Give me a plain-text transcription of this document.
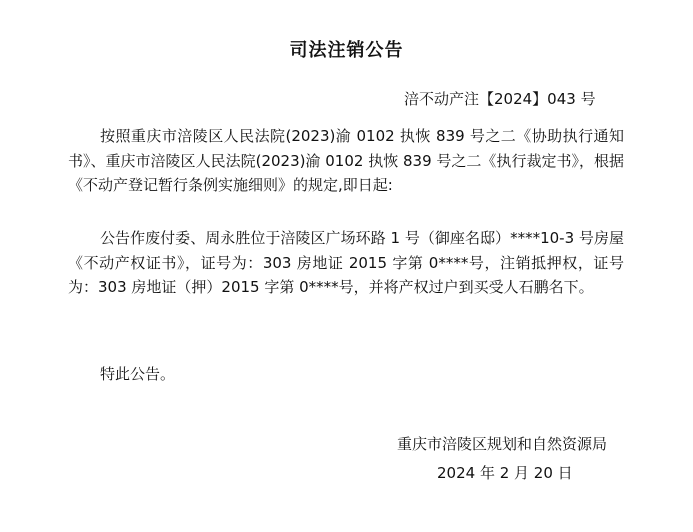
司法注销公告
涪不动产注【2024】043 号
按照重庆市涪陵区人民法院(2023)渝 0102 执恢 839 号之二《协助执行通知书》、重庆市涪陵区人民法院(2023)渝 0102 执恢 839 号之二《执行裁定书》，根据《不动产登记暂行条例实施细则》的规定,即日起:
公告作废付委、周永胜位于涪陵区广场环路 1 号（御座名邸）****10-3 号房屋《不动产权证书》，证号为：303 房地证 2015 字第 0****号，注销抵押权，证号为：303 房地证（押）2015 字第 0****号，并将产权过户到买受人石鹏名下。
特此公告。
重庆市涪陵区规划和自然资源局
2024 年 2 月 20 日
